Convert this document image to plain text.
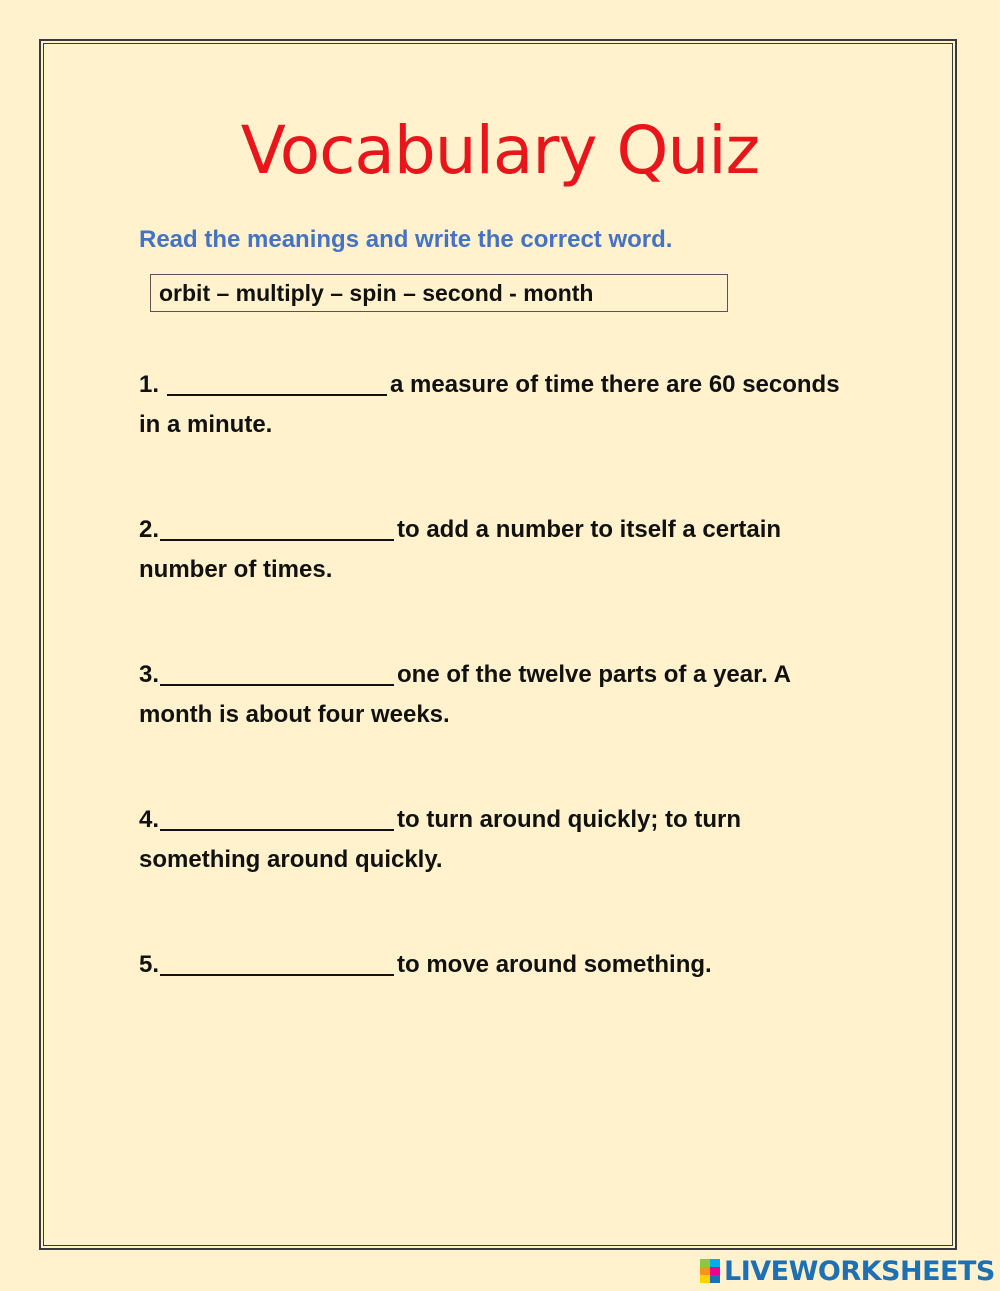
Vocabulary Quiz
Read the meanings and write the correct word.
orbit – multiply – spin – second - month
1.	a measure of time there are 60 seconds in a minute.
2.	to add a number to itself a certain number of times.
3.	one of the twelve parts of a year. A month is about four weeks.
4.	to turn around quickly; to turn something around quickly.
5.	to move around something.
LIVEWORKSHEETS
